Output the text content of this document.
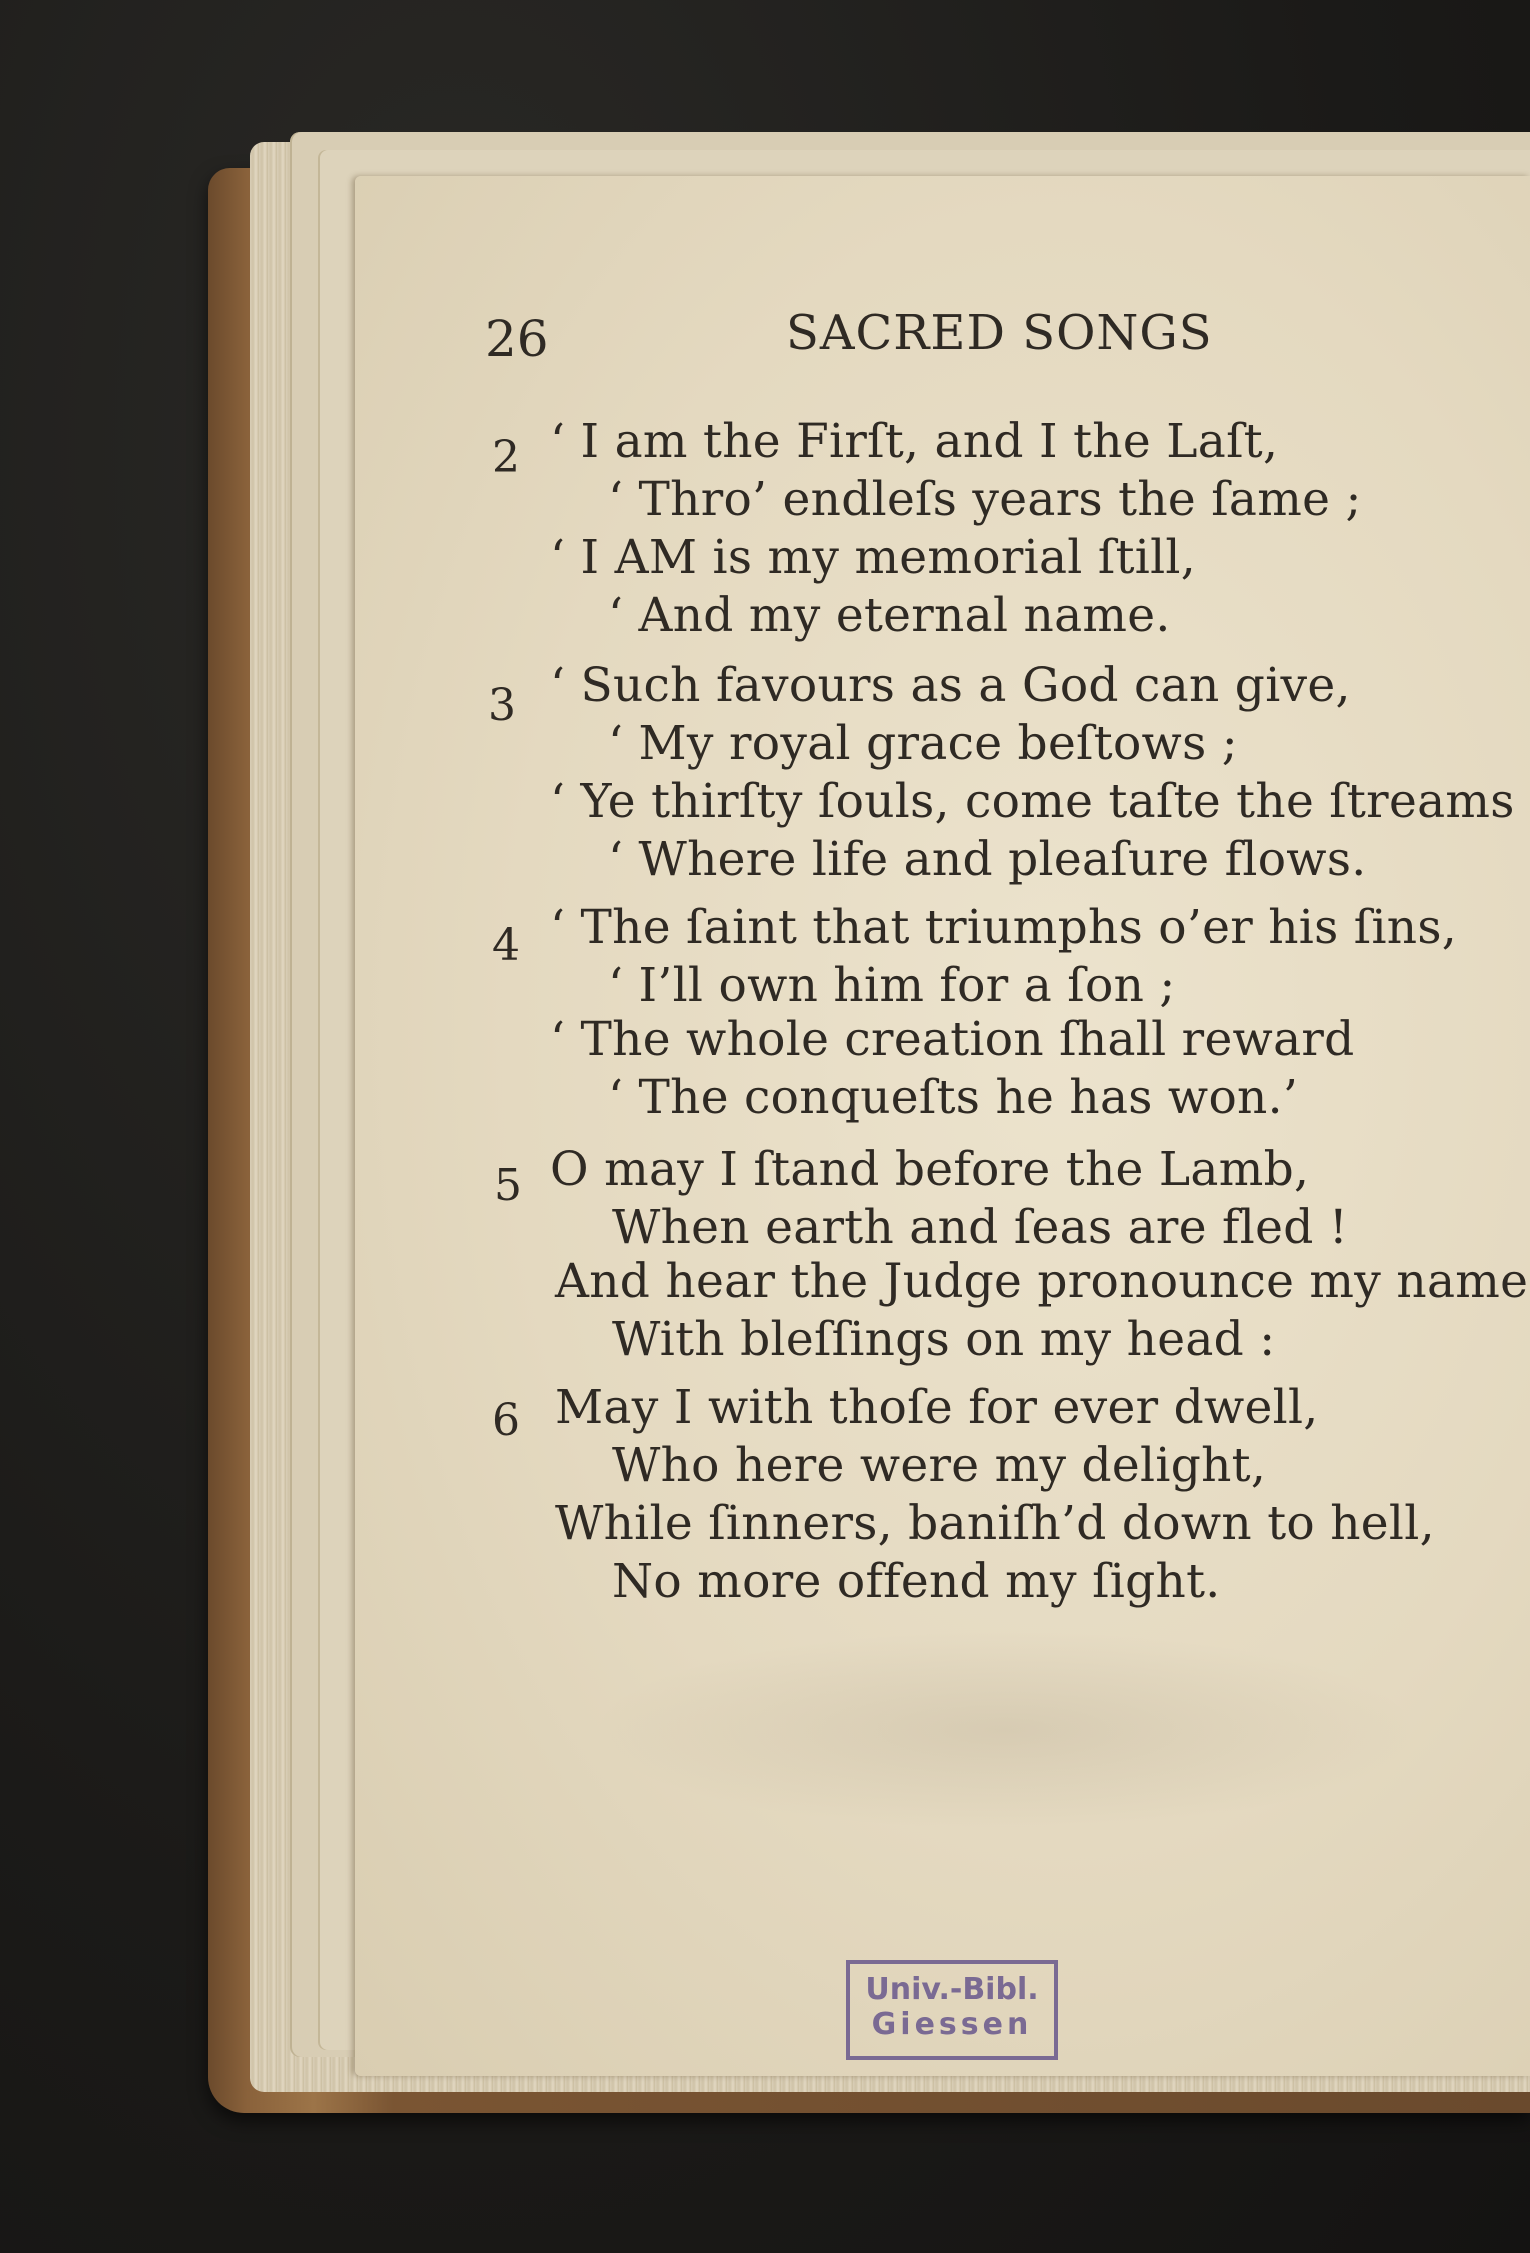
26	SACRED SONGS
2 ‘ I am the Firſt, and I the Laſt,
‘ Thro’ endleſs years the ſame ;
‘ I AM is my memorial ſtill,
‘ And my eternal name.
3 ‘ Such favours as a God can give,
‘ My royal grace beſtows ;
‘ Ye thirſty ſouls, come taſte the ſtreams
‘ Where life and pleaſure flows.
4 ‘ The ſaint that triumphs o’er his ſins,
‘ I’ll own him for a ſon ;
‘ The whole creation ſhall reward
‘ The conqueſts he has won.’
5 O may I ſtand before the Lamb,
When earth and ſeas are fled !
And hear the Judge pronounce my name
With bleſſings on my head :
6 May I with thoſe for ever dwell,
Who here were my delight,
While ſinners, baniſh’d down to hell,
No more offend my ſight.
Univ.-Bibl.
Giessen
